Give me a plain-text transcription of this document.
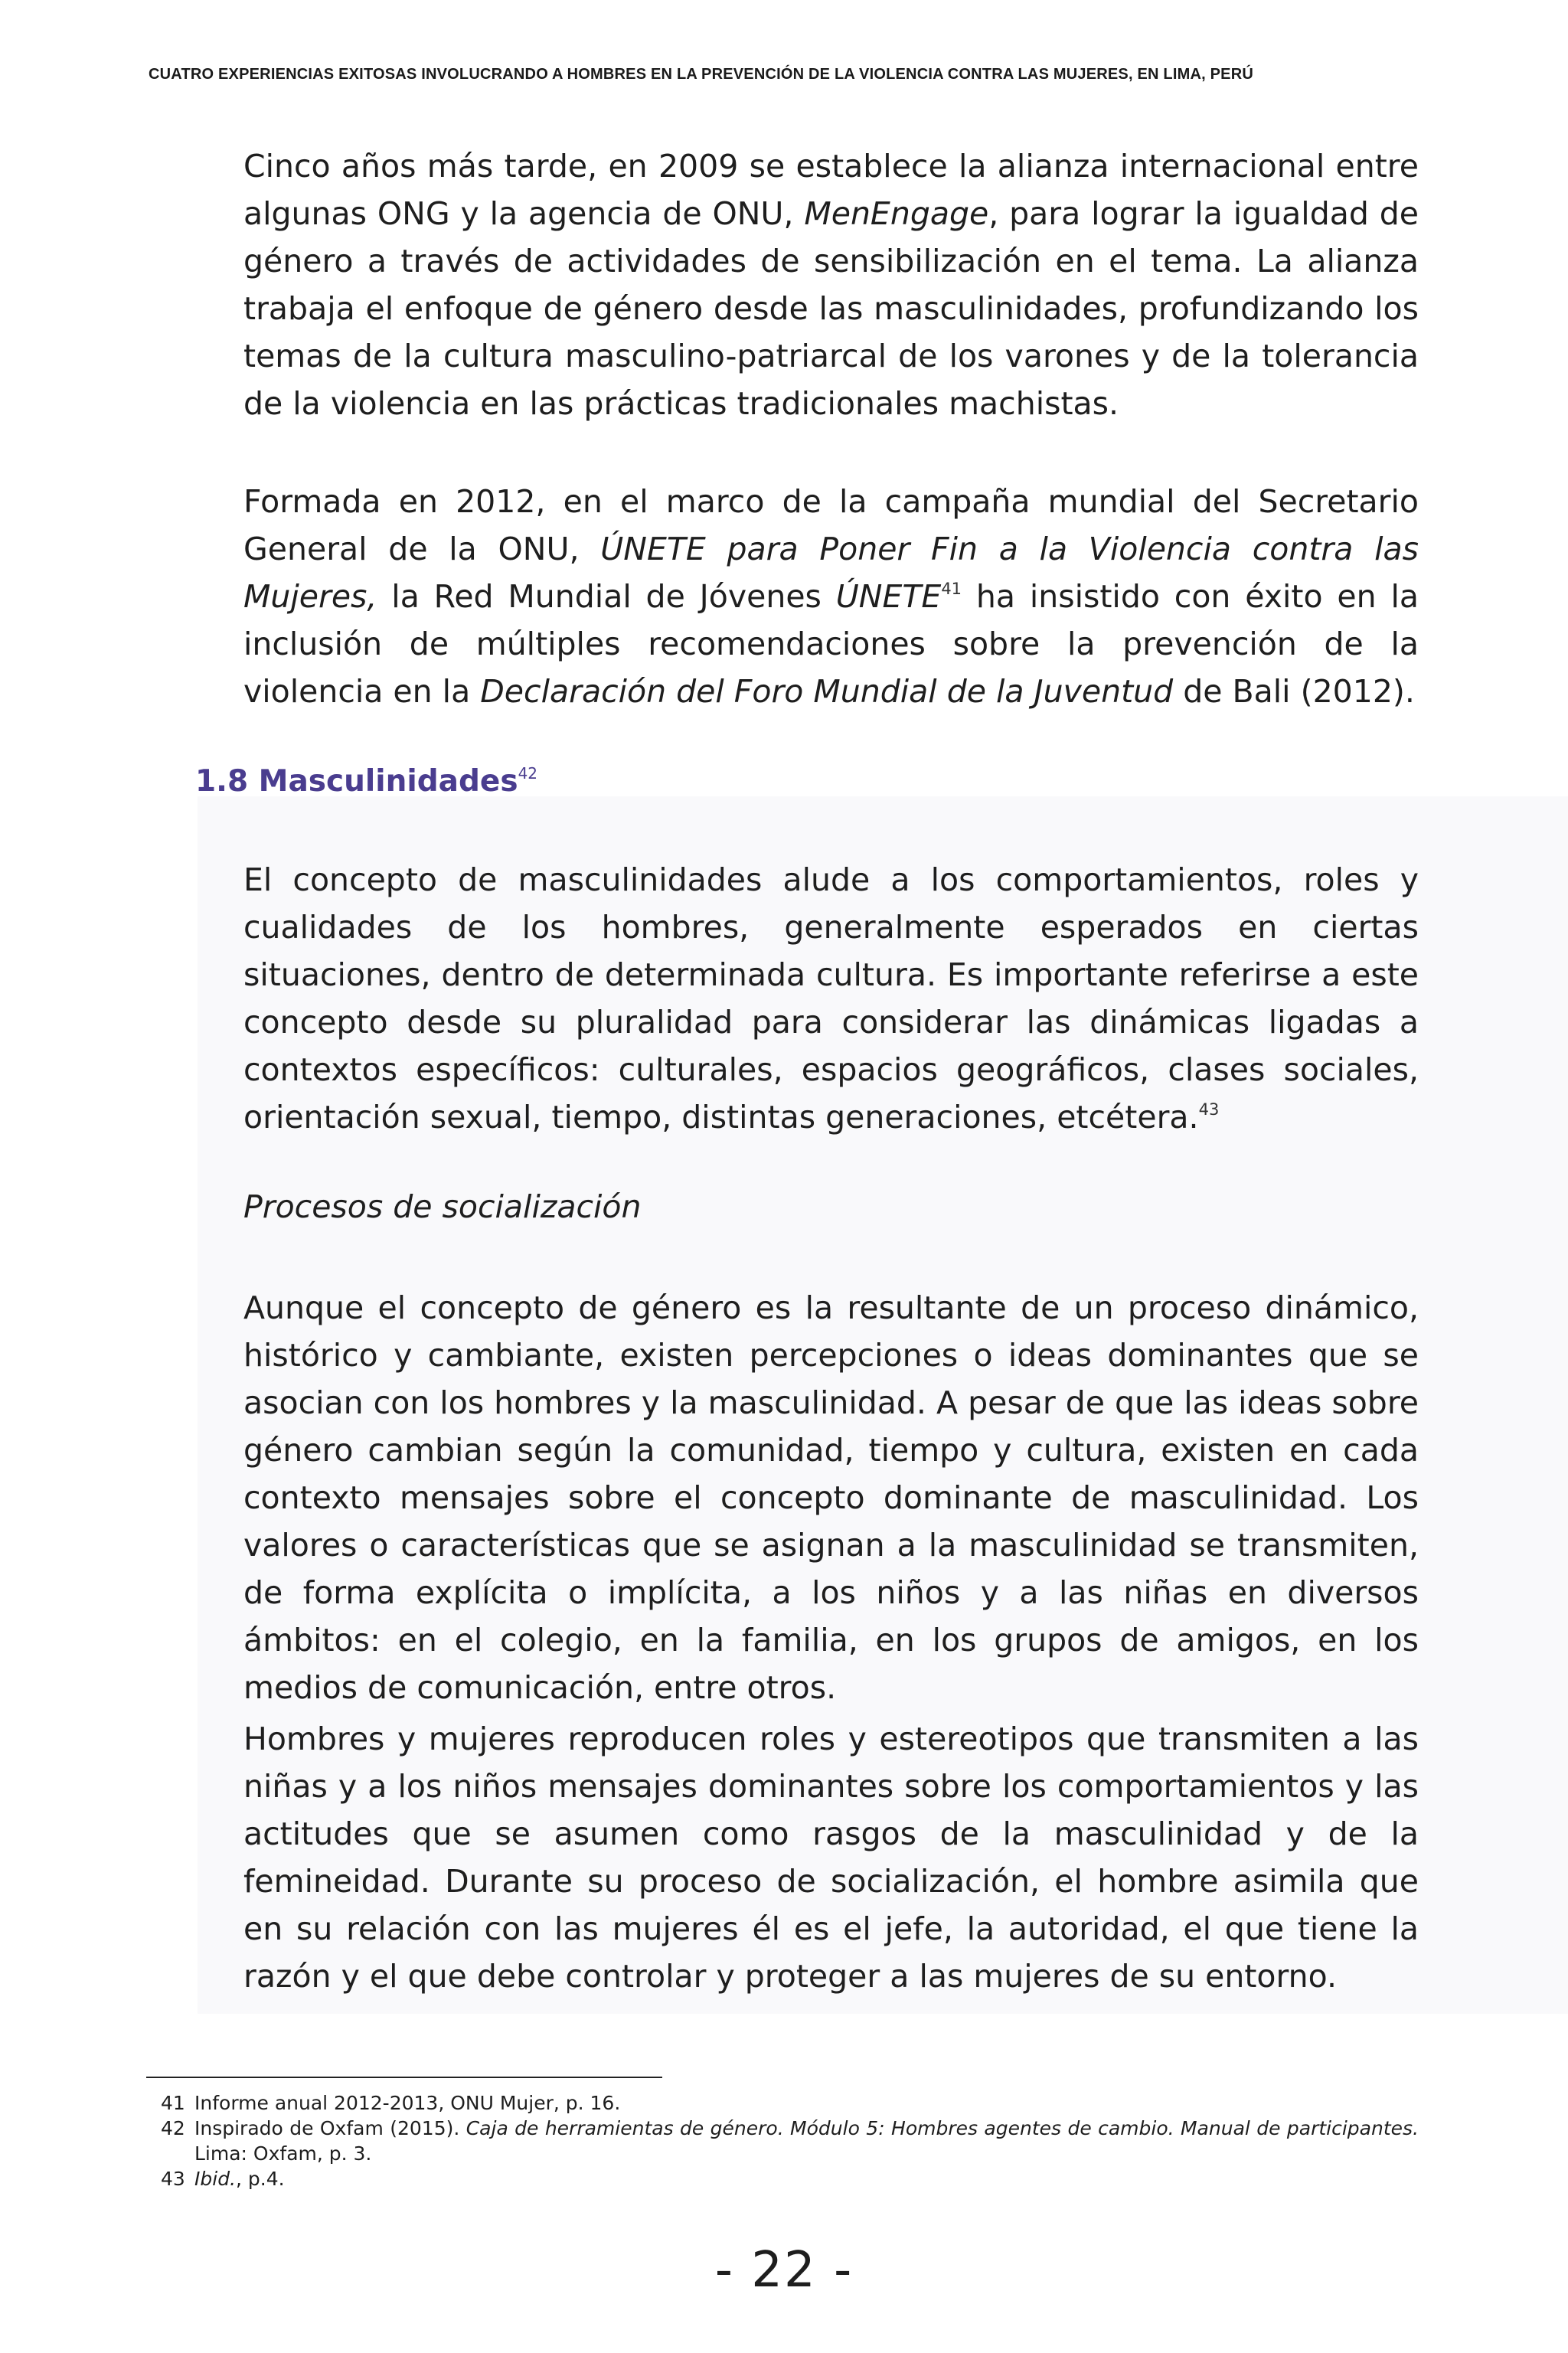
CUATRO EXPERIENCIAS EXITOSAS INVOLUCRANDO A HOMBRES EN LA PREVENCIÓN DE LA VIOLENCIA CONTRA LAS MUJERES, EN LIMA, PERÚ

Cinco años más tarde, en 2009 se establece la alianza internacional entre algunas ONG y la agencia de ONU, MenEngage, para lograr la igualdad de género a través de actividades de sensibilización en el tema. La alianza trabaja el enfoque de género desde las masculinidades, profundizando los temas de la cultura masculino-patriarcal de los varones y de la tolerancia de la violencia en las prácticas tradicionales machistas.

Formada en 2012, en el marco de la campaña mundial del Secretario General de la ONU, ÚNETE para Poner Fin a la Violencia contra las Mujeres, la Red Mundial de Jóvenes ÚNETE$^{41}$ ha insistido con éxito en la inclusión de múltiples recomendaciones sobre la prevención de la violencia en la Declaración del Foro Mundial de la Juventud de Bali (2012).

1.8 Masculinidades$^{42}$

El concepto de masculinidades alude a los comportamientos, roles y cualidades de los hombres, generalmente esperados en ciertas situaciones, dentro de determinada cultura. Es importante referirse a este concepto desde su pluralidad para considerar las dinámicas ligadas a contextos específicos: culturales, espacios geográficos, clases sociales, orientación sexual, tiempo, distintas generaciones, etcétera.$^{43}$

Procesos de socialización

Aunque el concepto de género es la resultante de un proceso dinámico, histórico y cambiante, existen percepciones o ideas dominantes que se asocian con los hombres y la masculinidad. A pesar de que las ideas sobre género cambian según la comunidad, tiempo y cultura, existen en cada contexto mensajes sobre el concepto dominante de masculinidad. Los valores o características que se asignan a la masculinidad se transmiten, de forma explícita o implícita, a los niños y a las niñas en diversos ámbitos: en el colegio, en la familia, en los grupos de amigos, en los medios de comunicación, entre otros.

Hombres y mujeres reproducen roles y estereotipos que transmiten a las niñas y a los niños mensajes dominantes sobre los comportamientos y las actitudes que se asumen como rasgos de la masculinidad y de la femineidad. Durante su proceso de socialización, el hombre asimila que en su relación con las mujeres él es el jefe, la autoridad, el que tiene la razón y el que debe controlar y proteger a las mujeres de su entorno.

41 Informe anual 2012-2013, ONU Mujer, p. 16.
42 Inspirado de Oxfam (2015). Caja de herramientas de género. Módulo 5: Hombres agentes de cambio. Manual de participantes. Lima: Oxfam, p. 3.
43 Ibid., p.4.
- 22 -
